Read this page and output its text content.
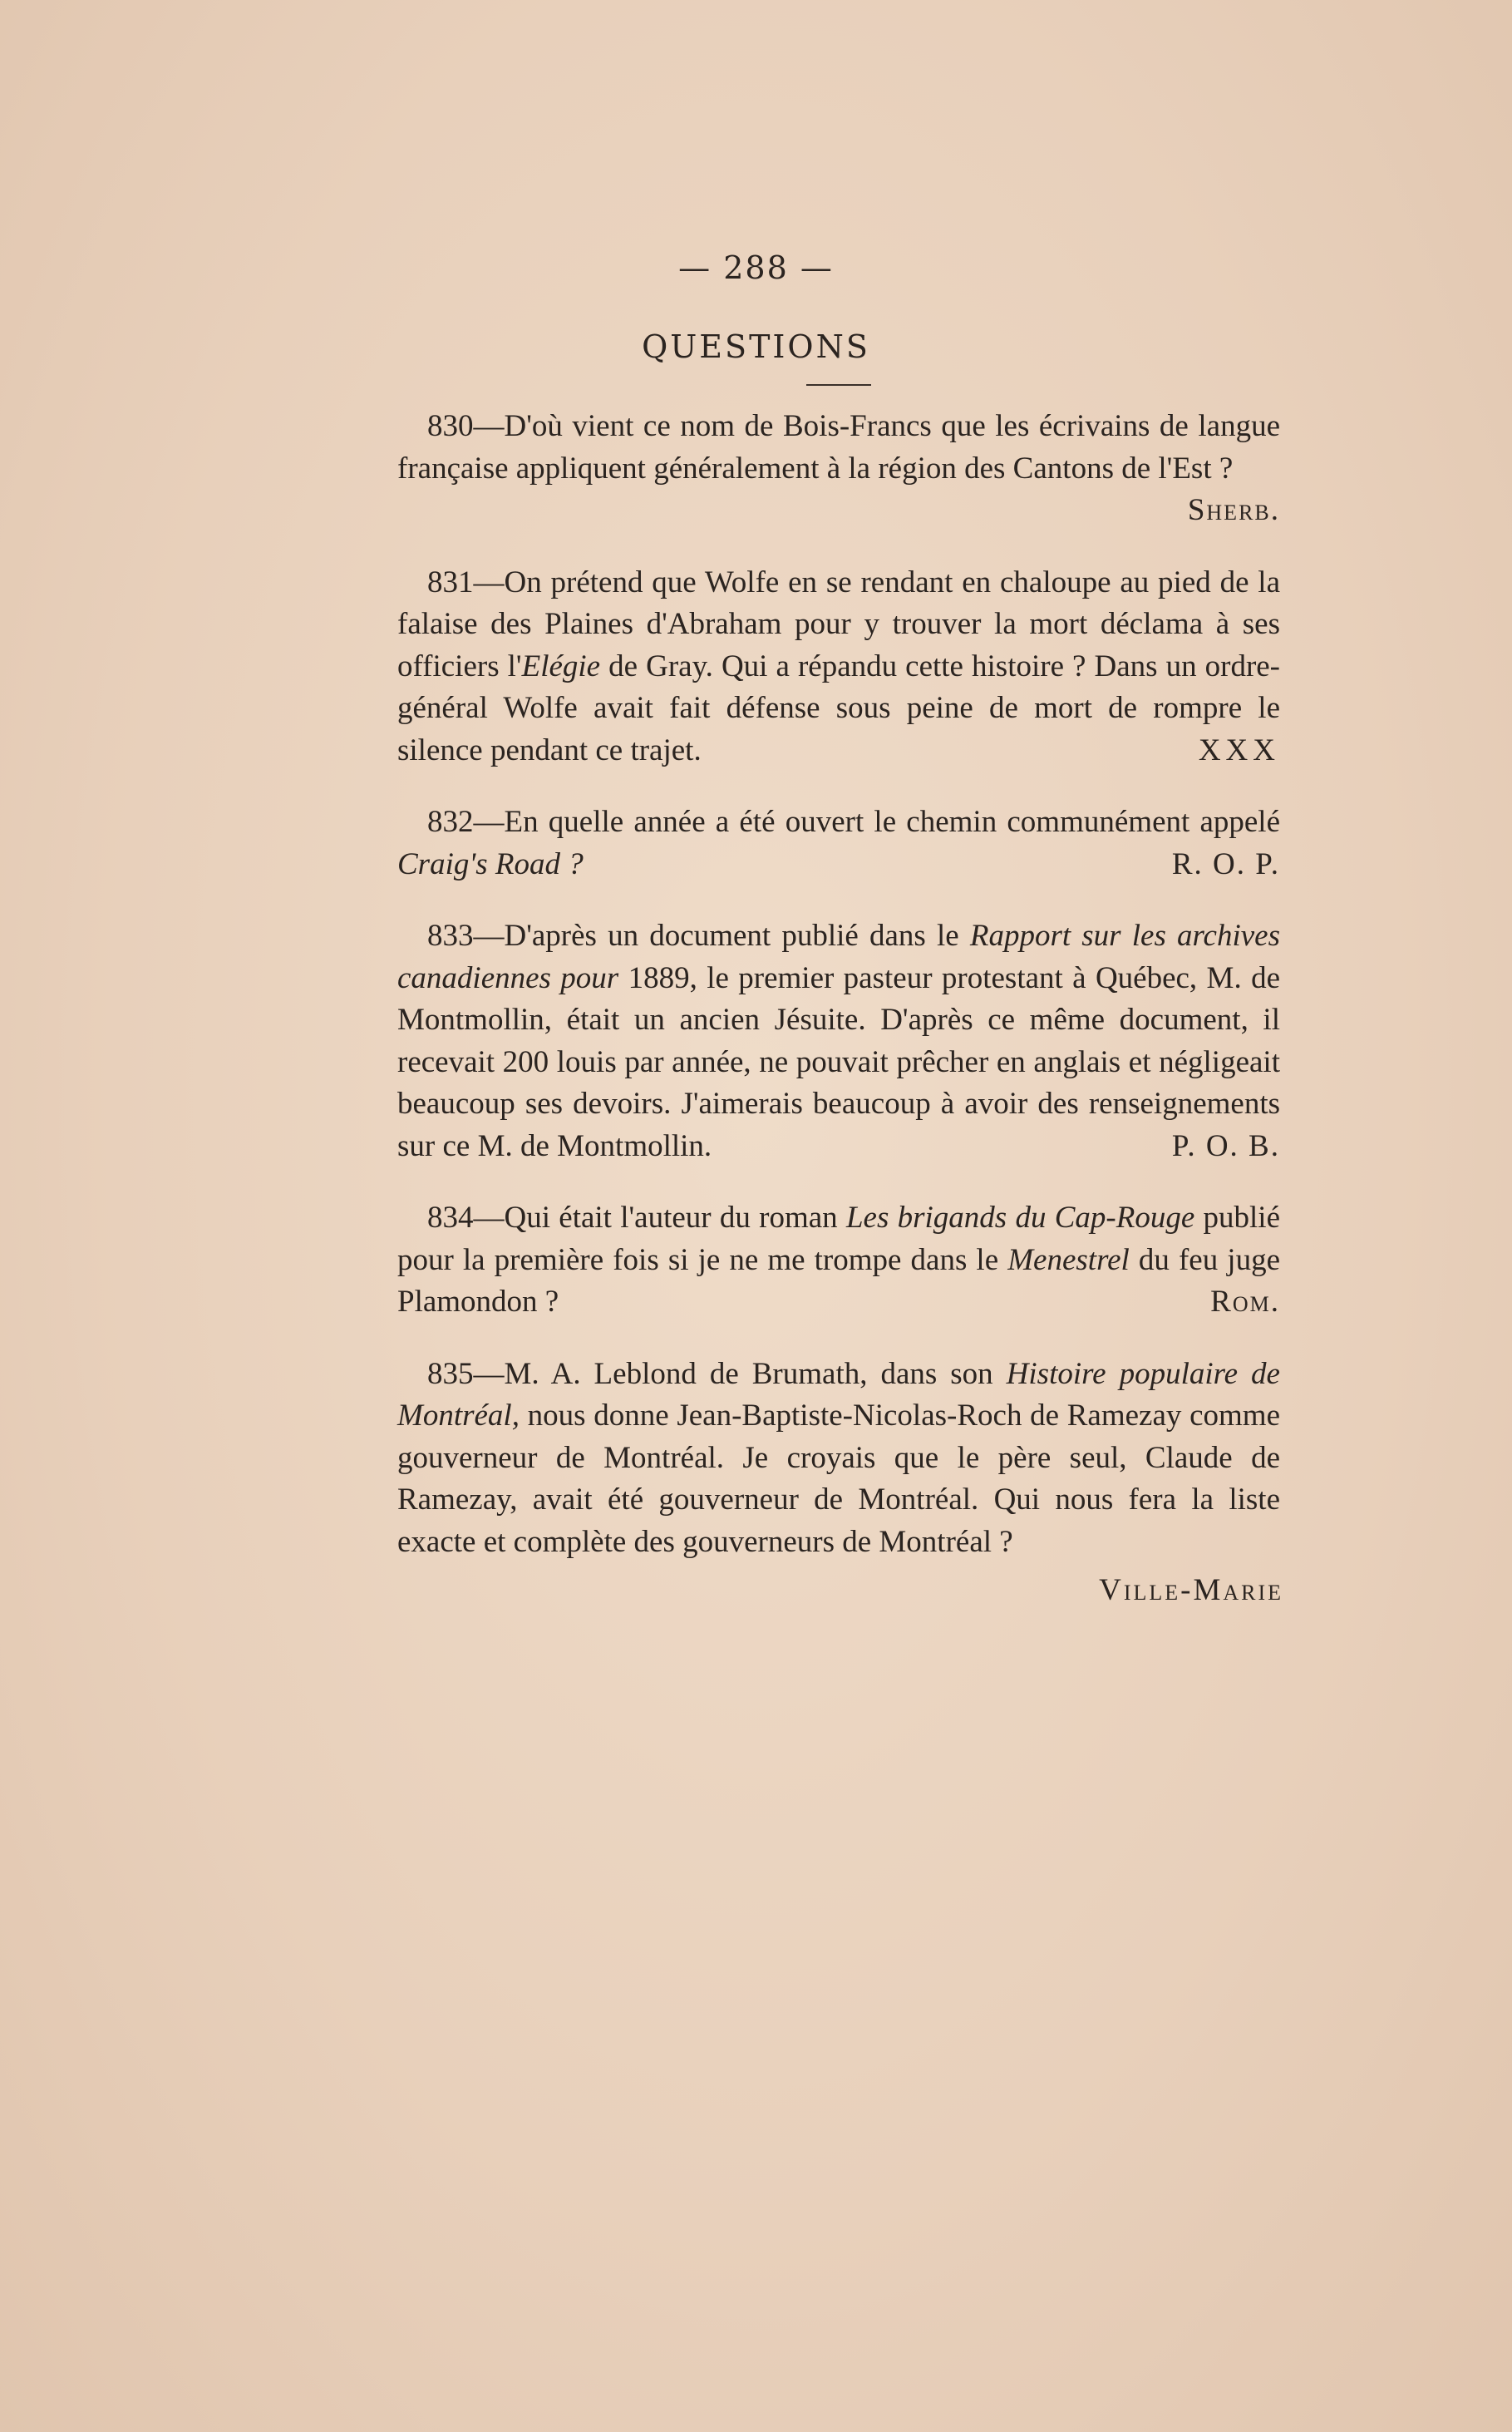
— 288 —
QUESTIONS

830—D'où vient ce nom de Bois-Francs que les écrivains de langue française appliquent généralement à la région des Cantons de l'Est ?
Sherb.

831—On prétend que Wolfe en se rendant en chaloupe au pied de la falaise des Plaines d'Abraham pour y trouver la mort déclama à ses officiers l'Elégie de Gray. Qui a répandu cette histoire ? Dans un ordre-général Wolfe avait fait défense sous peine de mort de rompre le silence pendant ce trajet.	XXX

832—En quelle année a été ouvert le chemin communément appelé Craig's Road ?	R. O. P.

833—D'après un document publié dans le Rapport sur les archives canadiennes pour 1889, le premier pasteur protestant à Québec, M. de Montmollin, était un ancien Jésuite. D'après ce même document, il recevait 200 louis par année, ne pouvait prêcher en anglais et négligeait beaucoup ses devoirs. J'aimerais beaucoup à avoir des renseignements sur ce M. de Montmollin.	P. O. B.

834—Qui était l'auteur du roman Les brigands du Cap-Rouge publié pour la première fois si je ne me trompe dans le Menestrel du feu juge Plamondon ?	Rom.

835—M. A. Leblond de Brumath, dans son Histoire populaire de Montréal, nous donne Jean-Baptiste-Nicolas-Roch de Ramezay comme gouverneur de Montréal. Je croyais que le père seul, Claude de Ramezay, avait été gouverneur de Montréal. Qui nous fera la liste exacte et complète des gouverneurs de Montréal ?
Ville-Marie
